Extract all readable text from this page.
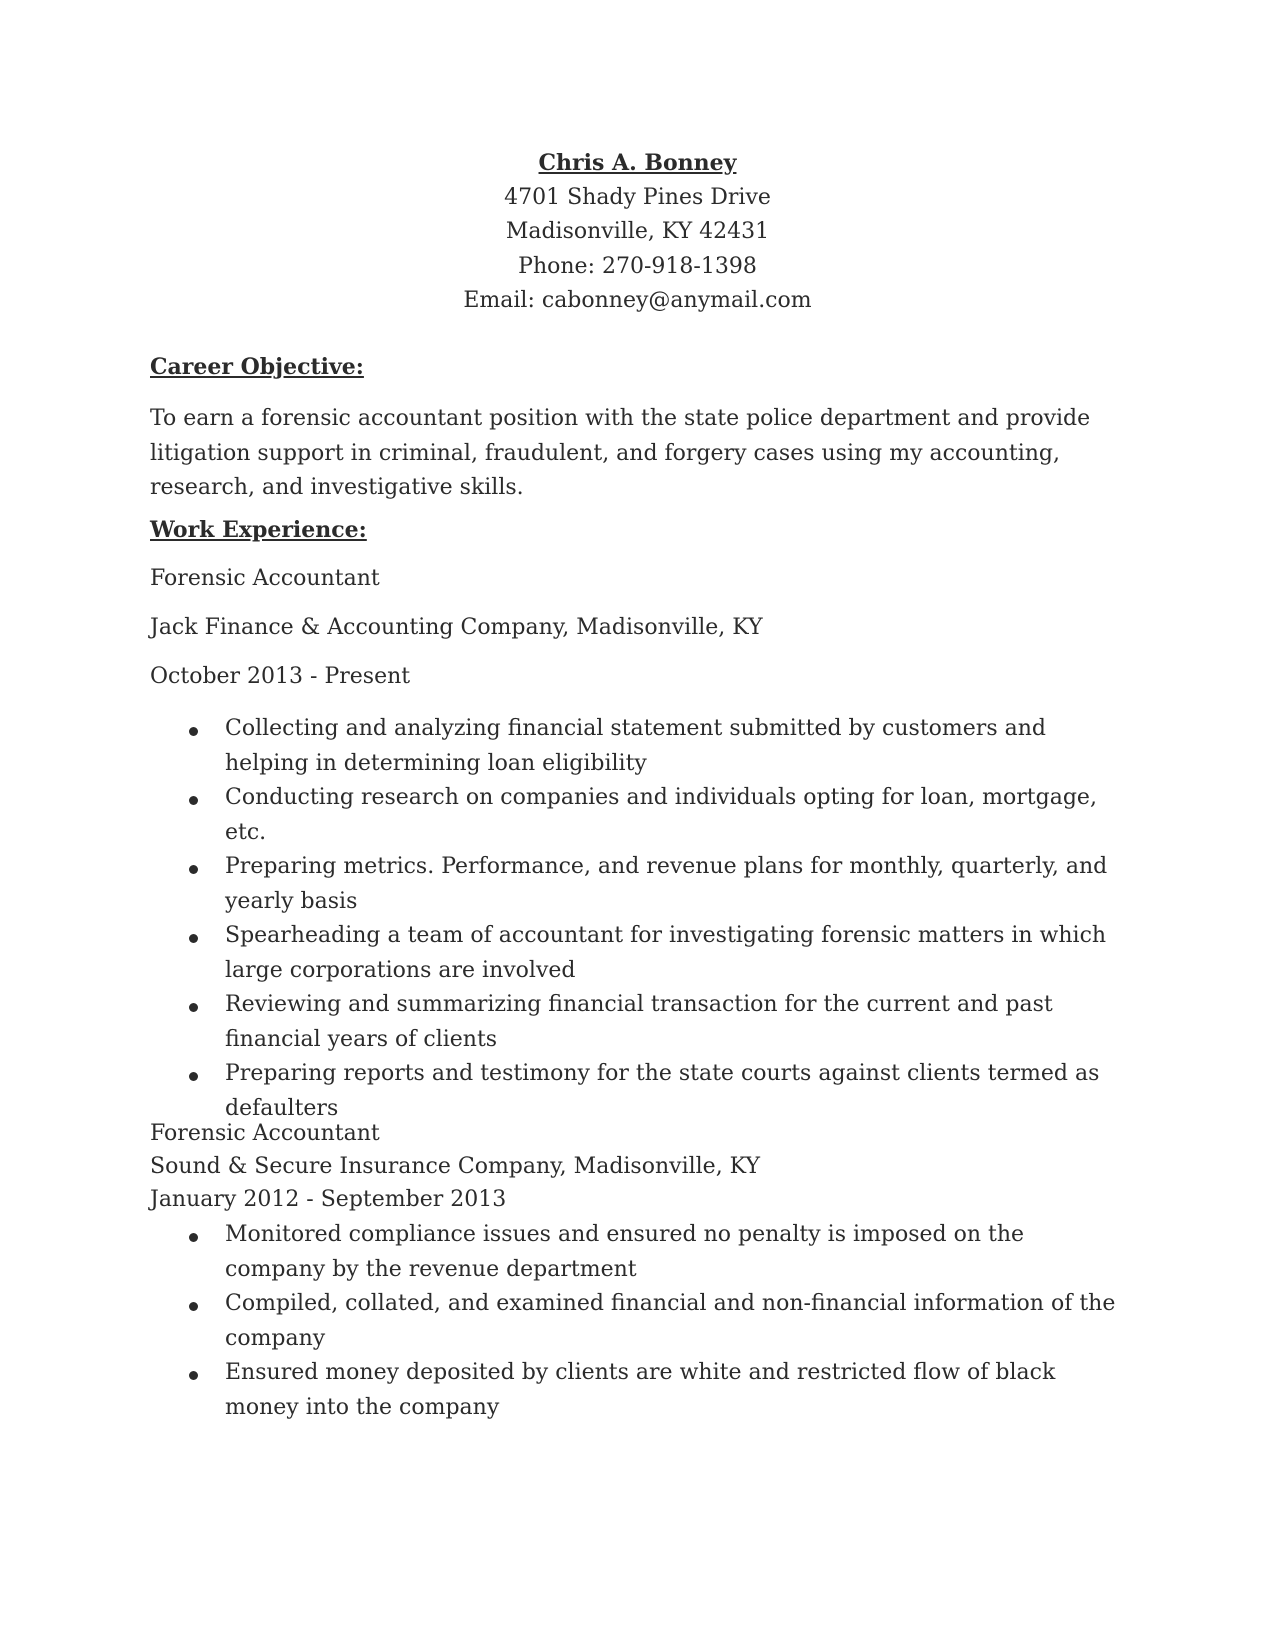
Chris A. Bonney
4701 Shady Pines Drive
Madisonville, KY 42431
Phone: 270-918-1398
Email: cabonney@anymail.com
Career Objective:
To earn a forensic accountant position with the state police department and provide litigation support in criminal, fraudulent, and forgery cases using my accounting, research, and investigative skills.
Work Experience:
Forensic Accountant
Jack Finance & Accounting Company, Madisonville, KY
October 2013 - Present
Collecting and analyzing financial statement submitted by customers and helping in determining loan eligibility
Conducting research on companies and individuals opting for loan, mortgage, etc.
Preparing metrics. Performance, and revenue plans for monthly, quarterly, and yearly basis
Spearheading a team of accountant for investigating forensic matters in which large corporations are involved
Reviewing and summarizing financial transaction for the current and past financial years of clients
Preparing reports and testimony for the state courts against clients termed as defaulters
Forensic Accountant
Sound & Secure Insurance Company, Madisonville, KY
January 2012 - September 2013
Monitored compliance issues and ensured no penalty is imposed on the company by the revenue department
Compiled, collated, and examined financial and non-financial information of the company
Ensured money deposited by clients are white and restricted flow of black money into the company
